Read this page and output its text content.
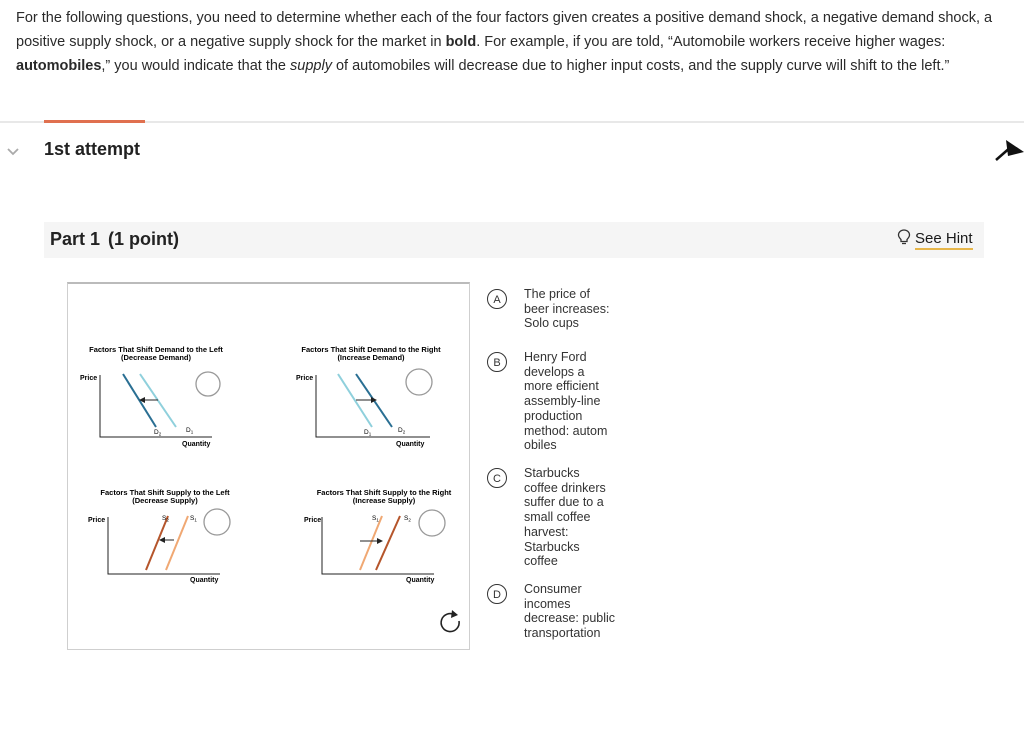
For the following questions, you need to determine whether each of the four factors given creates a positive demand shock, a negative demand shock, a positive supply shock, or a negative supply shock for the market in bold. For example, if you are told, “Automobile workers receive higher wages: automobiles,” you would indicate that the supply of automobiles will decrease due to higher input costs, and the supply curve will shift to the left.”
1st attempt
Part 1 (1 point)	See Hint
Factors That Shift Demand to the Left
(Decrease Demand)
Price
$D_2$	$D_1$
Quantity
Factors That Shift Demand to the Right
(Increase Demand)
Price
$D_1$	$D_2$
Quantity
Factors That Shift Supply to the Left
(Decrease Supply)
Price	$S_2$	$S_1$
Quantity
Factors That Shift Supply to the Right
(Increase Supply)
Price	$S_1$	$S_2$
Quantity
A	The price of beer increases: Solo cups
B	Henry Ford develops a more efficient assembly-line production method: autom obiles
C	Starbucks coffee drinkers suffer due to a small coffee harvest: Starbucks coffee
D	Consumer incomes decrease: public transportation
